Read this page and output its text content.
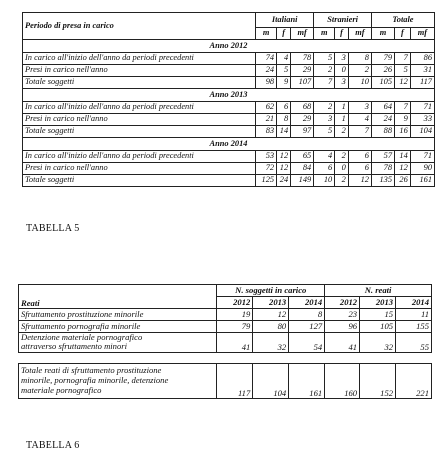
Periodo di presa in carico	Italiani			Stranieri			Totale		
	m	f	mf	m	f	mf	m	f	mf
Anno 2012									
In carico all'inizio dell'anno da periodi precedenti	74	4	78	5	3	8	79	7	86
Presi in carico nell'anno	24	5	29	2	0	2	26	5	31
Totale soggetti	98	9	107	7	3	10	105	12	117
Anno 2013									
In carico all'inizio dell'anno da periodi precedenti	62	6	68	2	1	3	64	7	71
Presi in carico nell'anno	21	8	29	3	1	4	24	9	33
Totale soggetti	83	14	97	5	2	7	88	16	104
Anno 2014									
In carico all'inizio dell'anno da periodi precedenti	53	12	65	4	2	6	57	14	71
Presi in carico nell'anno	72	12	84	6	0	6	78	12	90
Totale soggetti	125	24	149	10	2	12	135	26	161
TABELLA 5
Reati	N. soggetti in carico			N. reati		
	2012	2013	2014	2012	2013	2014
Sfruttamento prostituzione minorile	19	12	8	23	15	11
Sfruttamento pornografia minorile	79	80	127	96	105	155
Detenzione materiale pornografico
attraverso sfruttamento minori	41	32	54	41	32	55

Totale reati di sfruttamento prostituzione
minorile, pornografia minorile, detenzione
materiale pornografico	117	104	161	160	152	221
TABELLA 6
